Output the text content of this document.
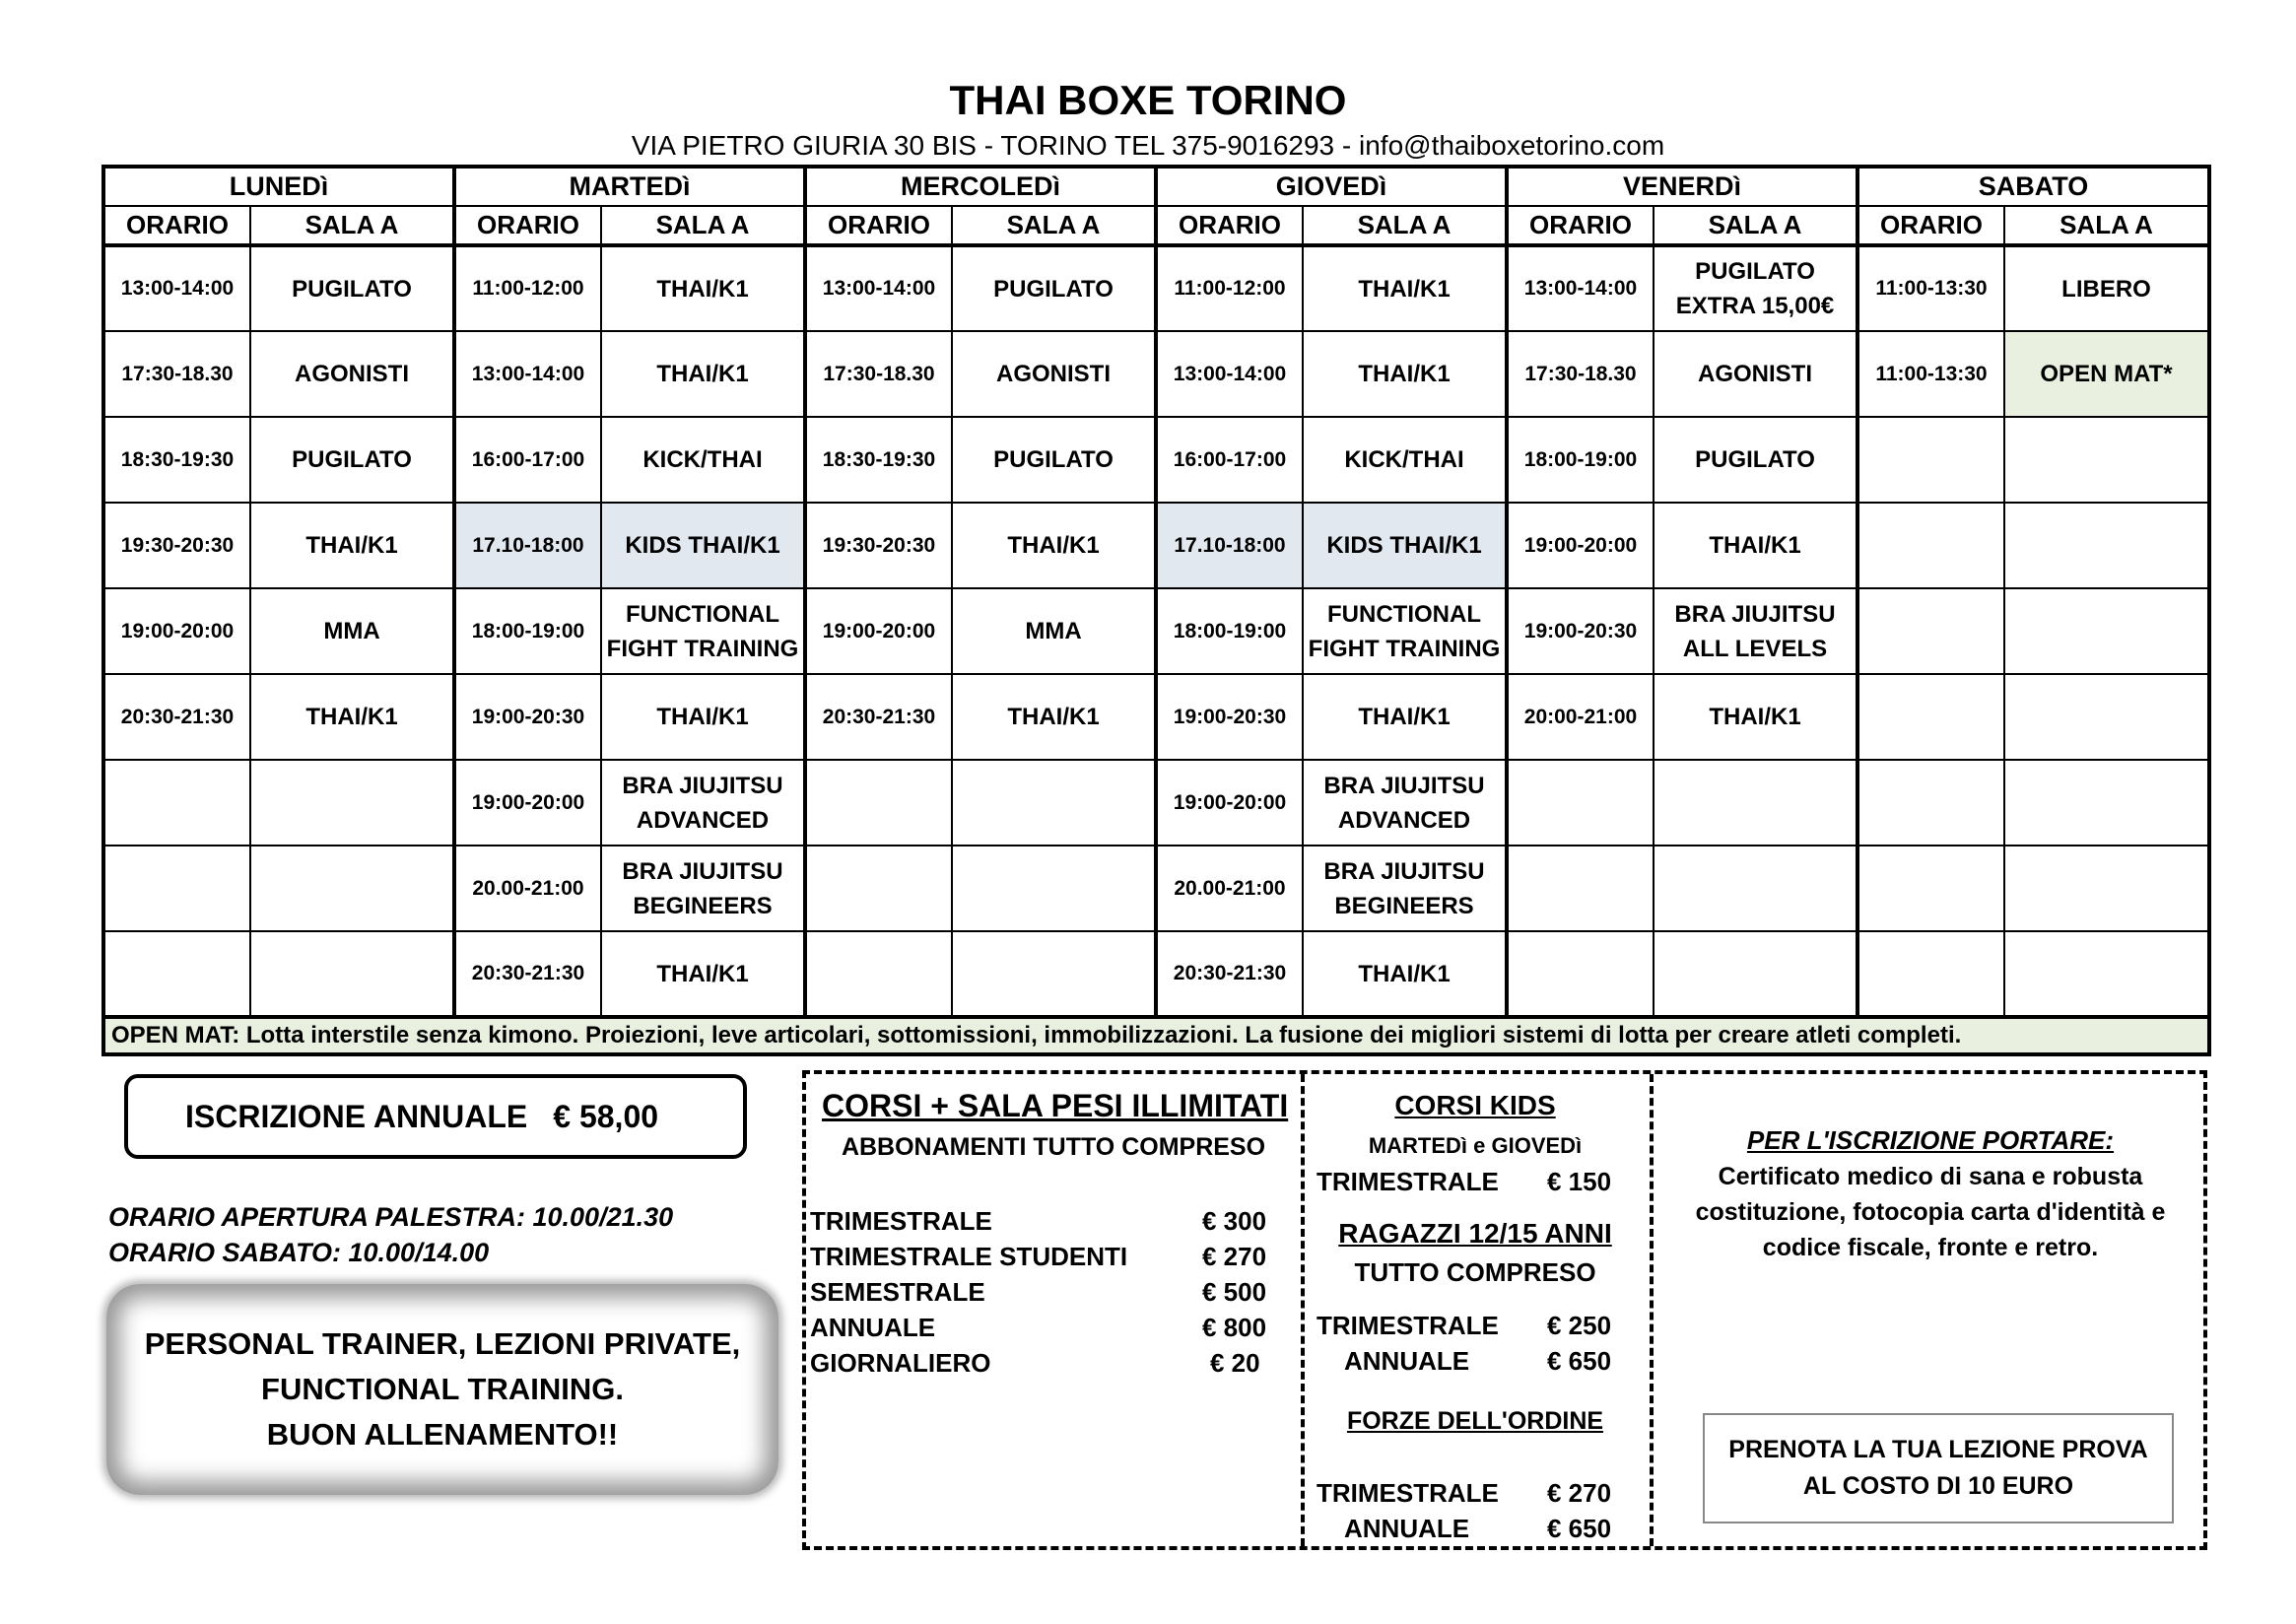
THAI BOXE TORINO
VIA PIETRO GIURIA 30 BIS - TORINO TEL 375-9016293 - info@thaiboxetorino.com
LUNEDì		MARTEDì		MERCOLEDì		GIOVEDì		VENERDì		SABATO	
ORARIO	SALA A	ORARIO	SALA A	ORARIO	SALA A	ORARIO	SALA A	ORARIO	SALA A	ORARIO	SALA A
13:00-14:00	PUGILATO	11:00-12:00	THAI/K1	13:00-14:00	PUGILATO	11:00-12:00	THAI/K1	13:00-14:00	PUGILATO EXTRA 15,00€	11:00-13:30	LIBERO
17:30-18.30	AGONISTI	13:00-14:00	THAI/K1	17:30-18.30	AGONISTI	13:00-14:00	THAI/K1	17:30-18.30	AGONISTI	11:00-13:30	OPEN MAT*
18:30-19:30	PUGILATO	16:00-17:00	KICK/THAI	18:30-19:30	PUGILATO	16:00-17:00	KICK/THAI	18:00-19:00	PUGILATO		
19:30-20:30	THAI/K1	17.10-18:00	KIDS THAI/K1	19:30-20:30	THAI/K1	17.10-18:00	KIDS THAI/K1	19:00-20:00	THAI/K1		
19:00-20:00	MMA	18:00-19:00	FUNCTIONAL FIGHT TRAINING	19:00-20:00	MMA	18:00-19:00	FUNCTIONAL FIGHT TRAINING	19:00-20:30	BRA JIUJITSU ALL LEVELS		
20:30-21:30	THAI/K1	19:00-20:30	THAI/K1	20:30-21:30	THAI/K1	19:00-20:30	THAI/K1	20:00-21:00	THAI/K1		
		19:00-20:00	BRA JIUJITSU ADVANCED			19:00-20:00	BRA JIUJITSU ADVANCED				
		20.00-21:00	BRA JIUJITSU BEGINEERS			20.00-21:00	BRA JIUJITSU BEGINEERS				
		20:30-21:30	THAI/K1			20:30-21:30	THAI/K1				
OPEN MAT: Lotta interstile senza kimono. Proiezioni, leve articolari, sottomissioni, immobilizzazioni. La fusione dei migliori sistemi di lotta per creare atleti completi.											
ISCRIZIONE ANNUALE € 58,00
ORARIO APERTURA PALESTRA: 10.00/21.30
ORARIO SABATO: 10.00/14.00
PERSONAL TRAINER, LEZIONI PRIVATE,
FUNCTIONAL TRAINING.
BUON ALLENAMENTO!!
CORSI + SALA PESI ILLIMITATI
ABBONAMENTI TUTTO COMPRESO
TRIMESTRALE	€ 300
TRIMESTRALE STUDENTI	€ 270
SEMESTRALE	€ 500
ANNUALE	€ 800
GIORNALIERO	€ 20
CORSI KIDS
MARTEDì e GIOVEDì
TRIMESTRALE € 150
RAGAZZI 12/15 ANNI
TUTTO COMPRESO
TRIMESTRALE € 250
ANNUALE	€ 650
FORZE DELL'ORDINE
TRIMESTRALE € 270
ANNUALE	€ 650
PER L'ISCRIZIONE PORTARE:
Certificato medico di sana e robusta
costituzione, fotocopia carta d'identità e
codice fiscale, fronte e retro.
PRENOTA LA TUA LEZIONE PROVA
AL COSTO DI 10 EURO
